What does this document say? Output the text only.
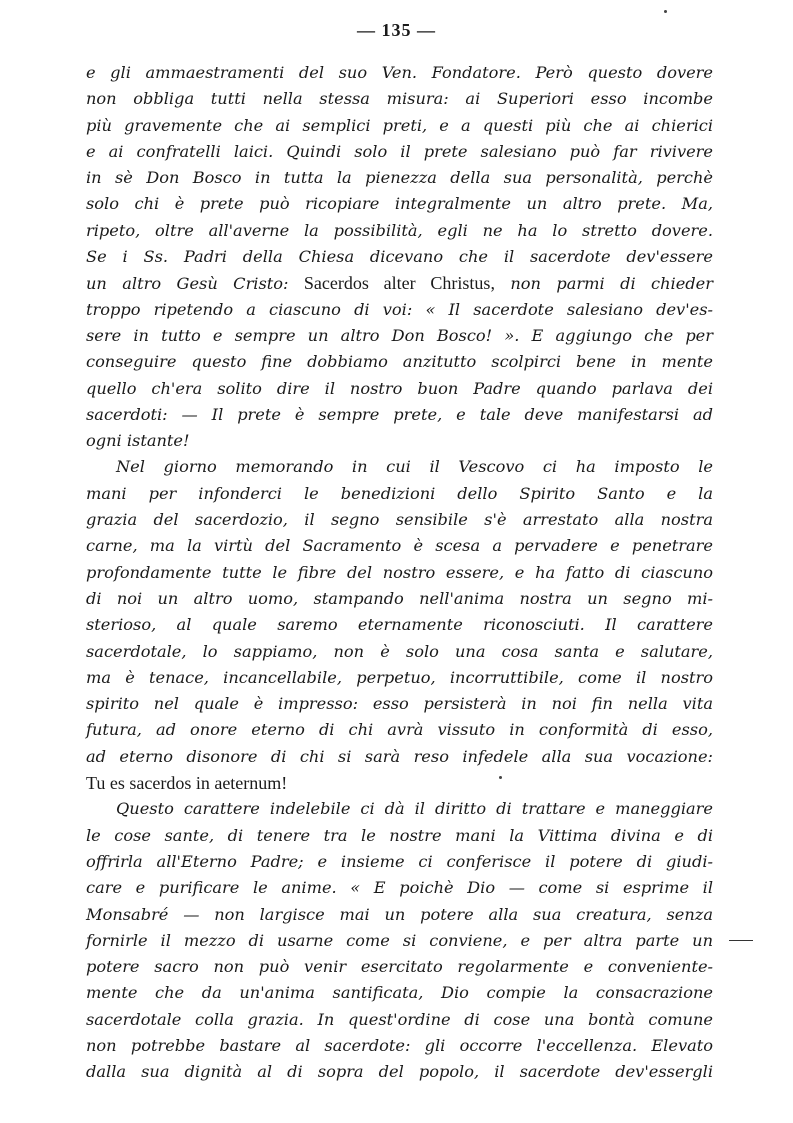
— 135 —
e gli ammaestramenti del suo Ven. Fondatore. Però questo dovere
non obbliga tutti nella stessa misura: ai Superiori esso incombe
più gravemente che ai semplici preti, e a questi più che ai chierici
e ai confratelli laici. Quindi solo il prete salesiano può far rivivere
in sè Don Bosco in tutta la pienezza della sua personalità, perchè
solo chi è prete può ricopiare integralmente un altro prete. Ma,
ripeto, oltre all'averne la possibilità, egli ne ha lo stretto dovere.
Se i Ss. Padri della Chiesa dicevano che il sacerdote dev'essere
un altro Gesù Cristo: Sacerdos alter Christus, non parmi di chieder
troppo ripetendo a ciascuno di voi: « Il sacerdote salesiano dev'es-
sere in tutto e sempre un altro Don Bosco! ». E aggiungo che per
conseguire questo fine dobbiamo anzitutto scolpirci bene in mente
quello ch'era solito dire il nostro buon Padre quando parlava dei
sacerdoti: — Il prete è sempre prete, e tale deve manifestarsi ad
ogni istante!
Nel giorno memorando in cui il Vescovo ci ha imposto le
mani per infonderci le benedizioni dello Spirito Santo e la
grazia del sacerdozio, il segno sensibile s'è arrestato alla nostra
carne, ma la virtù del Sacramento è scesa a pervadere e penetrare
profondamente tutte le fibre del nostro essere, e ha fatto di ciascuno
di noi un altro uomo, stampando nell'anima nostra un segno mi-
sterioso, al quale saremo eternamente riconosciuti. Il carattere
sacerdotale, lo sappiamo, non è solo una cosa santa e salutare,
ma è tenace, incancellabile, perpetuo, incorruttibile, come il nostro
spirito nel quale è impresso: esso persisterà in noi fin nella vita
futura, ad onore eterno di chi avrà vissuto in conformità di esso,
ad eterno disonore di chi si sarà reso infedele alla sua vocazione:
Tu es sacerdos in aeternum!
Questo carattere indelebile ci dà il diritto di trattare e maneggiare
le cose sante, di tenere tra le nostre mani la Vittima divina e di
offrirla all'Eterno Padre; e insieme ci conferisce il potere di giudi-
care e purificare le anime. « E poichè Dio — come si esprime il
Monsabré — non largisce mai un potere alla sua creatura, senza
fornirle il mezzo di usarne come si conviene, e per altra parte un
potere sacro non può venir esercitato regolarmente e convenientе-
mente che da un'anima santificata, Dio compie la consacrazione
sacerdotale colla grazia. In quest'ordine di cose una bontà comune
non potrebbe bastare al sacerdote: gli occorre l'eccellenza. Elevato
dalla sua dignità al di sopra del popolo, il sacerdote dev'essergli
